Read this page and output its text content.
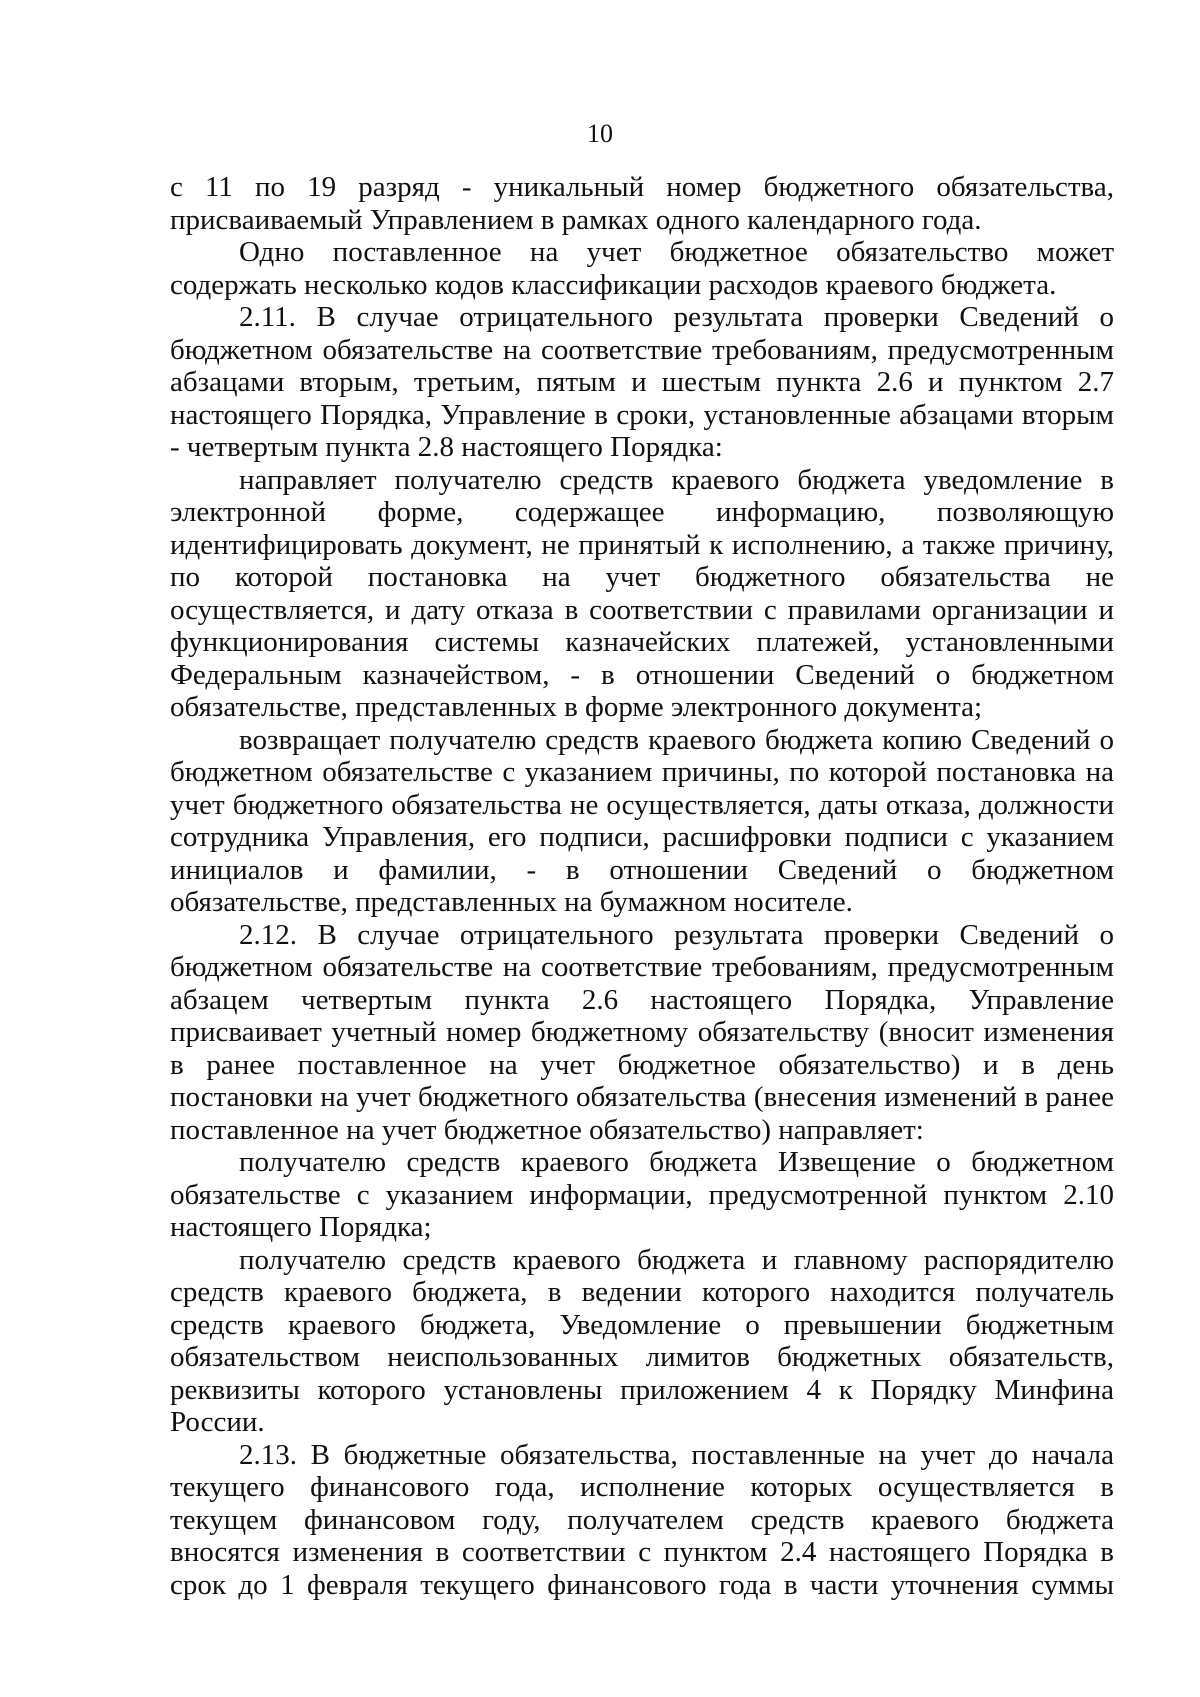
10

с 11 по 19 разряд - уникальный номер бюджетного обязательства, присваиваемый Управлением в рамках одного календарного года.

Одно поставленное на учет бюджетное обязательство может содержать несколько кодов классификации расходов краевого бюджета.

2.11. В случае отрицательного результата проверки Сведений о бюджетном обязательстве на соответствие требованиям, предусмотренным абзацами вторым, третьим, пятым и шестым пункта 2.6 и пунктом 2.7 настоящего Порядка, Управление в сроки, установленные абзацами вторым - четвертым пункта 2.8 настоящего Порядка:

направляет получателю средств краевого бюджета уведомление в электронной форме, содержащее информацию, позволяющую идентифицировать документ, не принятый к исполнению, а также причину, по которой постановка на учет бюджетного обязательства не осуществляется, и дату отказа в соответствии с правилами организации и функционирования системы казначейских платежей, установленными Федеральным казначейством, - в отношении Сведений о бюджетном обязательстве, представленных в форме электронного документа;

возвращает получателю средств краевого бюджета копию Сведений о бюджетном обязательстве с указанием причины, по которой постановка на учет бюджетного обязательства не осуществляется, даты отказа, должности сотрудника Управления, его подписи, расшифровки подписи с указанием инициалов и фамилии, - в отношении Сведений о бюджетном обязательстве, представленных на бумажном носителе.

2.12. В случае отрицательного результата проверки Сведений о бюджетном обязательстве на соответствие требованиям, предусмотренным абзацем четвертым пункта 2.6 настоящего Порядка, Управление присваивает учетный номер бюджетному обязательству (вносит изменения в ранее поставленное на учет бюджетное обязательство) и в день постановки на учет бюджетного обязательства (внесения изменений в ранее поставленное на учет бюджетное обязательство) направляет:

получателю средств краевого бюджета Извещение о бюджетном обязательстве с указанием информации, предусмотренной пунктом 2.10 настоящего Порядка;

получателю средств краевого бюджета и главному распорядителю средств краевого бюджета, в ведении которого находится получатель средств краевого бюджета, Уведомление о превышении бюджетным обязательством неиспользованных лимитов бюджетных обязательств, реквизиты которого установлены приложением 4 к Порядку Минфина России.

2.13. В бюджетные обязательства, поставленные на учет до начала текущего финансового года, исполнение которых осуществляется в текущем финансовом году, получателем средств краевого бюджета вносятся изменения в соответствии с пунктом 2.4 настоящего Порядка в срок до 1 февраля текущего финансового года в части уточнения суммы
